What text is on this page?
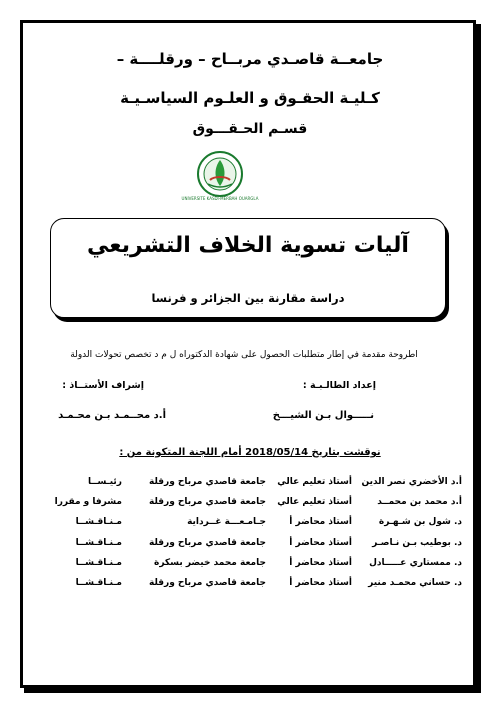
جامعــة قاصـدي مربــاح – ورقلــــة –
كـليـة الحقـوق و العلـوم السياسـيـة
قسـم الحـقـــوق
UNIVERSITE KASDI-MERBAH OUARGLA
آليات تسوية الخلاف التشريعي
دراسة مقارنة بين الجزائر و فرنسا
اطروحة مقدمة في إطار متطلبات الحصول على شهادة الدكتوراه ل م د تخصص تحولات الدولة
إعداد الطالـبـة :
إشراف الأستــاذ :
نـــــوال بـن الشيـــخ
أ.د محــمـد بـن محـمـد
نوقشت بتاريخ 2018/05/14 أمام اللجنة المتكونة من :
أ.د الأخضري نصر الدين
أستاذ تعليم عالي
جامعة قاصدي مرباح ورقلة
رئيـســا
أ.د محمد بن محمــد
أستاذ تعليم عالي
جامعة قاصدي مرباح ورقلة
مشرفا و مقررا
د. شول بن شـهـرة
أستاذ محاضر أ
جـامـعـــة غــرداية
مـنـاقـشــا
د. بوطيب بـن نـاصـر
أستاذ محاضر أ
جامعة قاصدي مرباح ورقلة
مـنـاقـشــا
د. ممستاري عـــــادل
أستاذ محاضر أ
جامعة محمد خيضر بسكرة
مـنـاقـشــا
د. حساني محمـد منير
أستاذ محاضر أ
جامعة قاصدي مرباح ورقلة
مـنـاقـشــا
